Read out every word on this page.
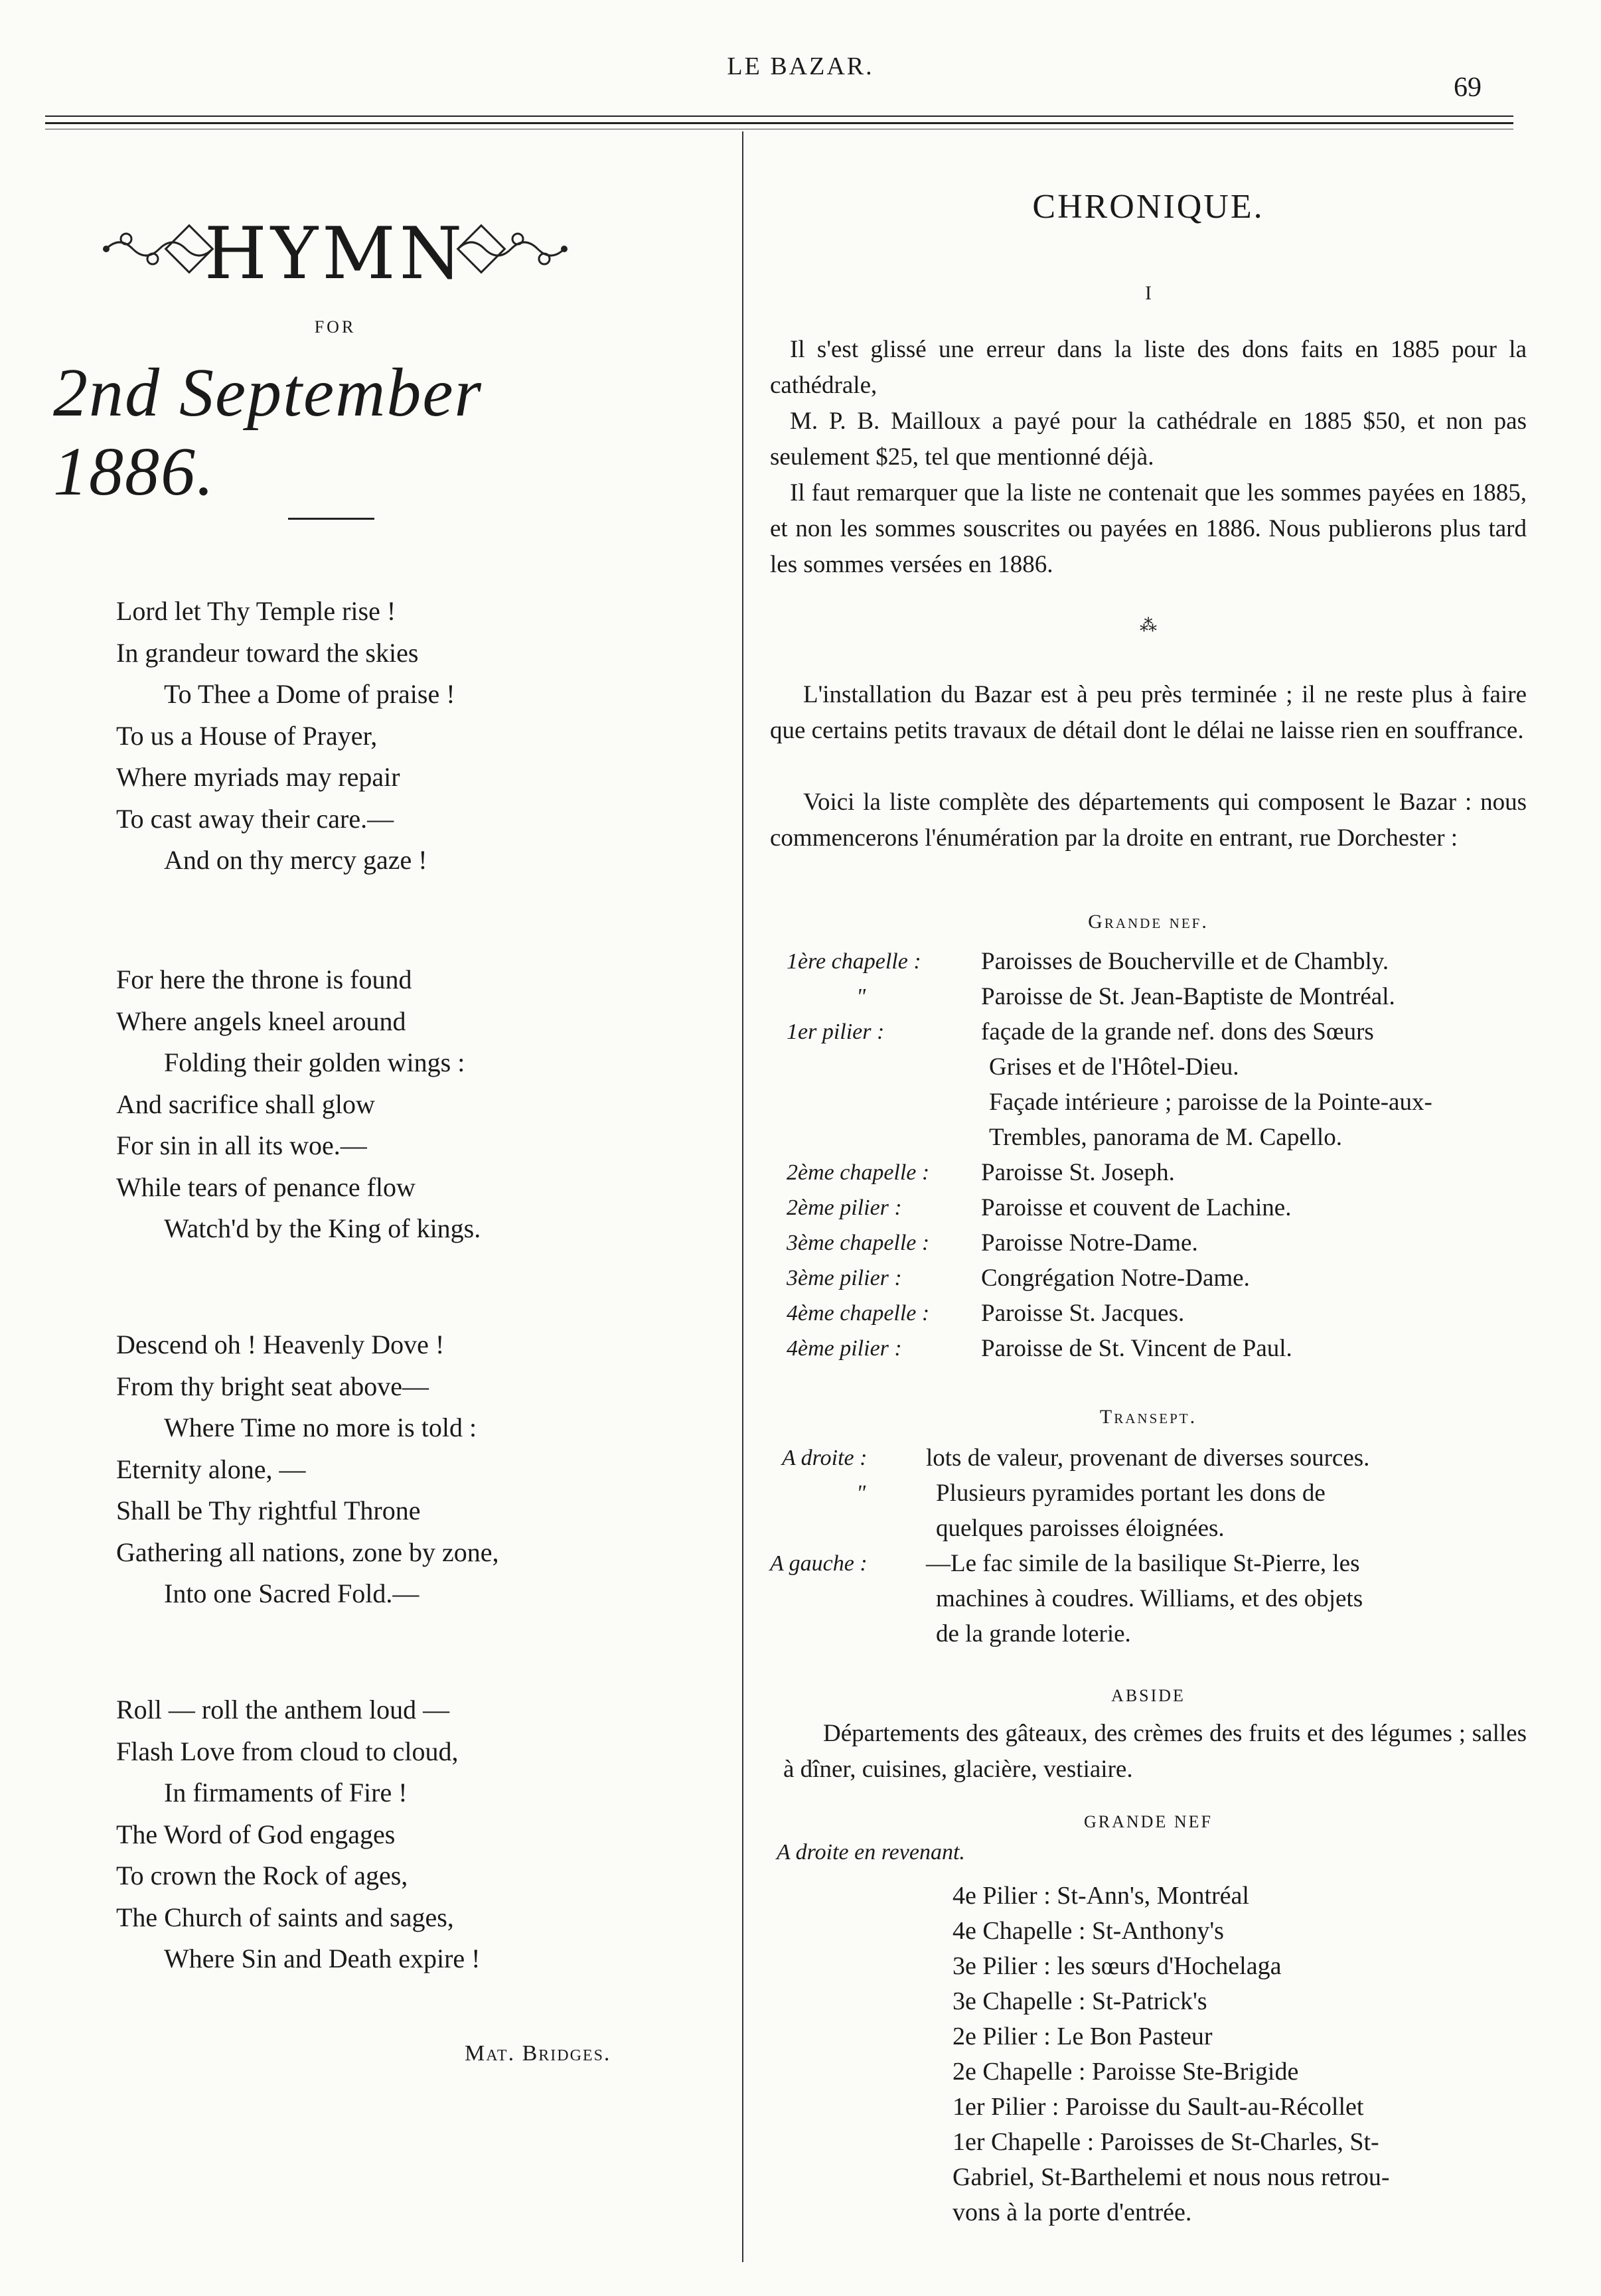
LE BAZAR.
69
HYMN
FOR
2nd September 1886.
Lord let Thy Temple rise !
In grandeur toward the skies
To Thee a Dome of praise !
To us a House of Prayer,
Where myriads may repair
To cast away their care.—
And on thy mercy gaze !
For here the throne is found
Where angels kneel around
Folding their golden wings :
And sacrifice shall glow
For sin in all its woe.—
While tears of penance flow
Watch'd by the King of kings.
Descend oh ! Heavenly Dove !
From thy bright seat above—
Where Time no more is told :
Eternity alone, —
Shall be Thy rightful Throne
Gathering all nations, zone by zone,
Into one Sacred Fold.—
Roll — roll the anthem loud —
Flash Love from cloud to cloud,
In firmaments of Fire !
The Word of God engages
To crown the Rock of ages,
The Church of saints and sages,
Where Sin and Death expire !
Mat. Bridges.
CHRONIQUE.
I

Il s'est glissé une erreur dans la liste des dons faits en 1885 pour la cathédrale,

M. P. B. Mailloux a payé pour la cathédrale en 1885 $50, et non pas seulement $25, tel que mentionné déjà.

Il faut remarquer que la liste ne contenait que les sommes payées en 1885, et non les sommes souscrites ou payées en 1886. Nous publierons plus tard les sommes versées en 1886.

⁂

L'installation du Bazar est à peu près terminée ; il ne reste plus à faire que certains petits travaux de détail dont le délai ne laisse rien en souffrance.

Voici la liste complète des départements qui composent le Bazar : nous commencerons l'énumération par la droite en entrant, rue Dorchester :

Grande nef.
1ère chapelle : Paroisses de Boucherville et de Chambly.
"	Paroisse de St. Jean-Baptiste de Montréal.
1er pilier :	façade de la grande nef. dons des Sœurs
Grises et de l'Hôtel-Dieu.
Façade intérieure ; paroisse de la Pointe-aux-
Trembles, panorama de M. Capello.
2ème chapelle : Paroisse St. Joseph.
2ème pilier :	Paroisse et couvent de Lachine.
3ème chapelle : Paroisse Notre-Dame.
3ème pilier :	Congrégation Notre-Dame.
4ème chapelle : Paroisse St. Jacques.
4ème pilier :	Paroisse de St. Vincent de Paul.
Transept.
A droite : lots de valeur, provenant de diverses sources.
"	Plusieurs pyramides portant les dons de
quelques paroisses éloignées.
A gauche : —Le fac simile de la basilique St-Pierre, les
machines à coudres. Williams, et des objets
de la grande loterie.
ABSIDE

Départements des gâteaux, des crèmes des fruits et des légumes ; salles à dîner, cuisines, glacière, vestiaire.

GRANDE NEF
A droite en revenant.
4e Pilier : St-Ann's, Montréal
4e Chapelle : St-Anthony's
3e Pilier : les sœurs d'Hochelaga
3e Chapelle : St-Patrick's
2e Pilier : Le Bon Pasteur
2e Chapelle : Paroisse Ste-Brigide
1er Pilier : Paroisse du Sault-au-Récollet
1er Chapelle : Paroisses de St-Charles, St-
Gabriel, St-Barthelemi et nous nous retrou-
vons à la porte d'entrée.
